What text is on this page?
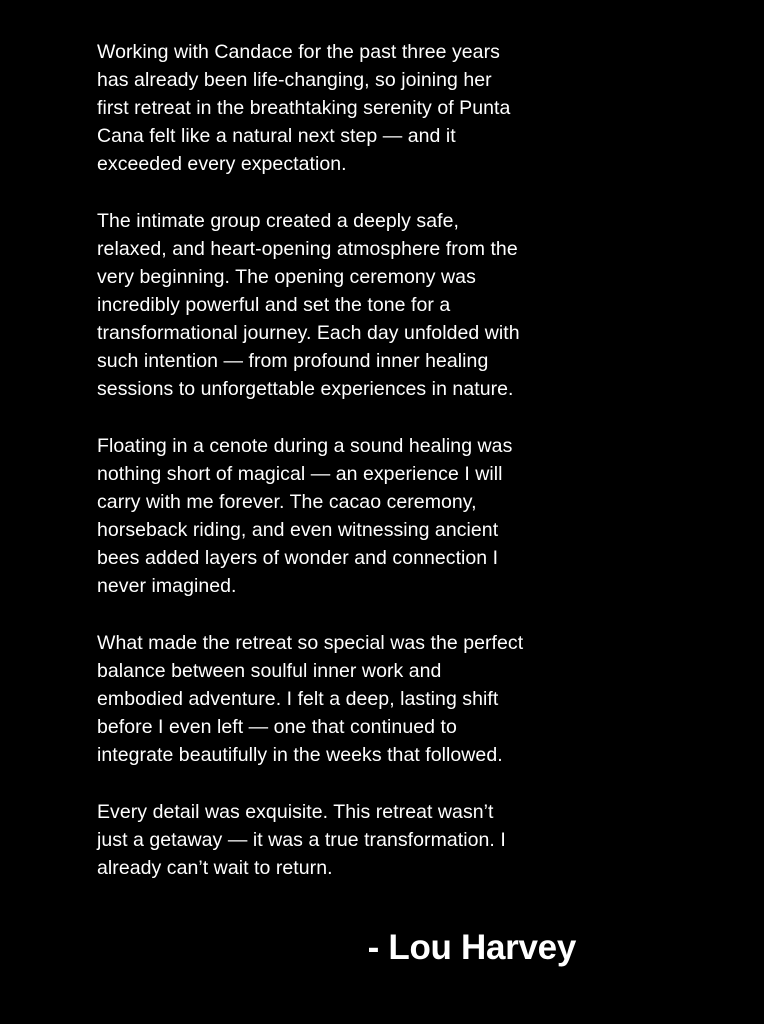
Working with Candace for the past three years
has already been life-changing, so joining her
first retreat in the breathtaking serenity of Punta
Cana felt like a natural next step — and it
exceeded every expectation.

The intimate group created a deeply safe,
relaxed, and heart-opening atmosphere from the
very beginning. The opening ceremony was
incredibly powerful and set the tone for a
transformational journey. Each day unfolded with
such intention — from profound inner healing
sessions to unforgettable experiences in nature.

Floating in a cenote during a sound healing was
nothing short of magical — an experience I will
carry with me forever. The cacao ceremony,
horseback riding, and even witnessing ancient
bees added layers of wonder and connection I
never imagined.

What made the retreat so special was the perfect
balance between soulful inner work and
embodied adventure. I felt a deep, lasting shift
before I even left — one that continued to
integrate beautifully in the weeks that followed.

Every detail was exquisite. This retreat wasn’t
just a getaway — it was a true transformation. I
already can’t wait to return.

- Lou Harvey
